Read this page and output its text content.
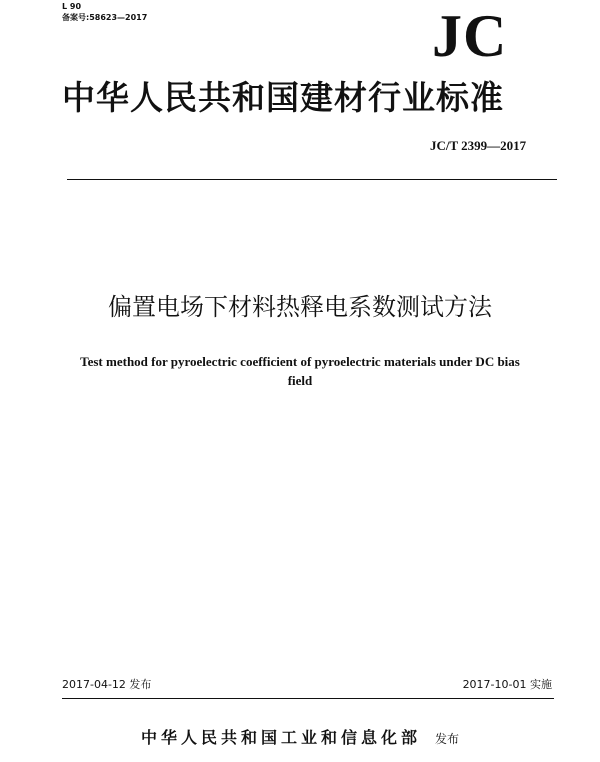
L 90
备案号:58623—2017	JC
中华人民共和国建材行业标准
JC/T 2399—2017
偏置电场下材料热释电系数测试方法
Test method for pyroelectric coefficient of pyroelectric materials under DC bias field
2017-04-12 发布	2017-10-01 实施
中华人民共和国工业和信息化部 发布
